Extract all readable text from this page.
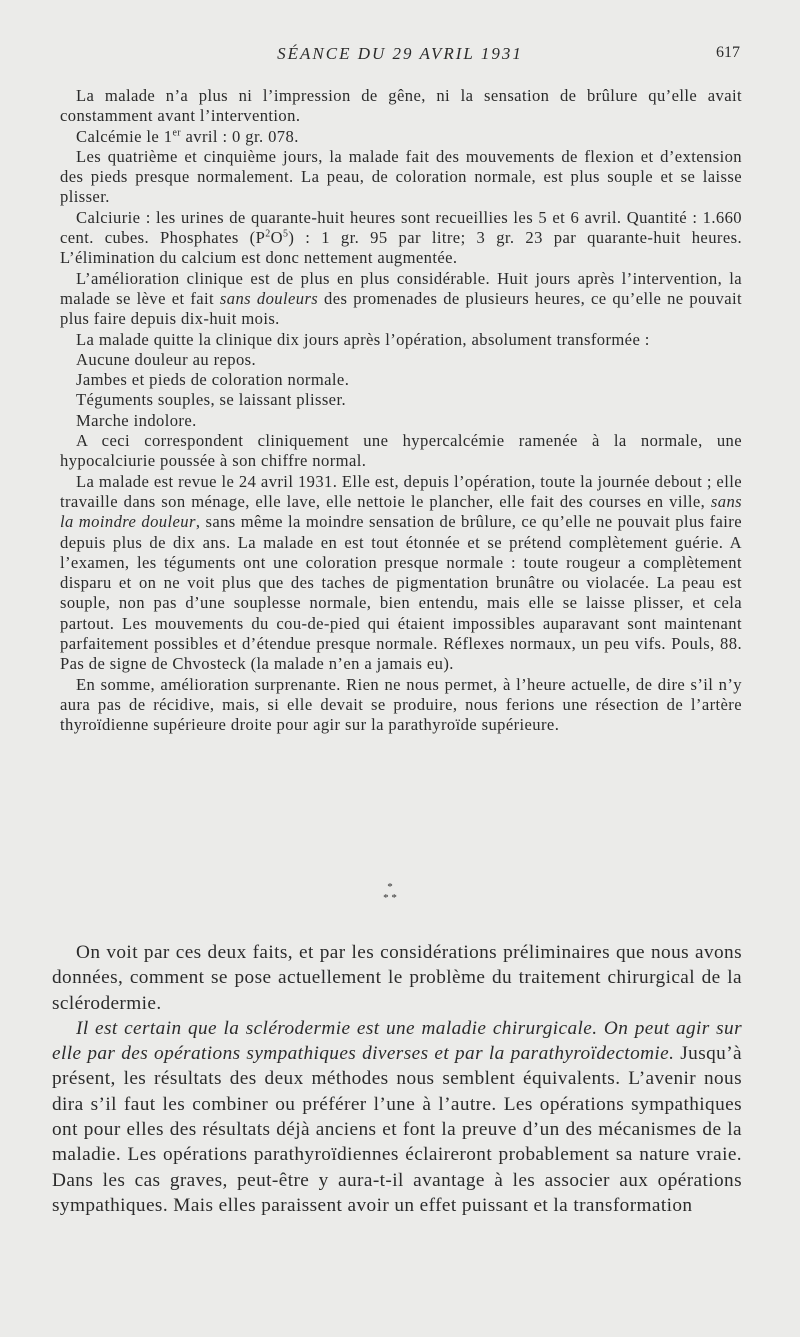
SÉANCE DU 29 AVRIL 1931	617

La malade n’a plus ni l’impression de gêne, ni la sensation de brûlure qu’elle avait constamment avant l’intervention.

Calcémie le 1er avril : 0 gr. 078.

Les quatrième et cinquième jours, la malade fait des mouvements de flexion et d’extension des pieds presque normalement. La peau, de coloration normale, est plus souple et se laisse plisser.

Calciurie : les urines de quarante-huit heures sont recueillies les 5 et 6 avril. Quantité : 1.660 cent. cubes. Phosphates $(P^2O^5)$ : 1 gr. 95 par litre; 3 gr. 23 par quarante-huit heures. L’élimination du calcium est donc nettement augmentée.

L’amélioration clinique est de plus en plus considérable. Huit jours après l’intervention, la malade se lève et fait sans douleurs des promenades de plusieurs heures, ce qu’elle ne pouvait plus faire depuis dix-huit mois.

La malade quitte la clinique dix jours après l’opération, absolument transformée :

Aucune douleur au repos.

Jambes et pieds de coloration normale.

Téguments souples, se laissant plisser.

Marche indolore.

A ceci correspondent cliniquement une hypercalcémie ramenée à la normale, une hypocalciurie poussée à son chiffre normal.

La malade est revue le 24 avril 1931. Elle est, depuis l’opération, toute la journée debout ; elle travaille dans son ménage, elle lave, elle nettoie le plancher, elle fait des courses en ville, sans la moindre douleur, sans même la moindre sensation de brûlure, ce qu’elle ne pouvait plus faire depuis plus de dix ans. La malade en est tout étonnée et se prétend complètement guérie. A l’examen, les téguments ont une coloration presque normale : toute rougeur a complètement disparu et on ne voit plus que des taches de pigmentation brunâtre ou violacée. La peau est souple, non pas d’une souplesse normale, bien entendu, mais elle se laisse plisser, et cela partout. Les mouvements du cou-de-pied qui étaient impossibles auparavant sont maintenant parfaitement possibles et d’étendue presque normale. Réflexes normaux, un peu vifs. Pouls, 88. Pas de signe de Chvosteck (la malade n’en a jamais eu).

En somme, amélioration surprenante. Rien ne nous permet, à l’heure actuelle, de dire s’il n’y aura pas de récidive, mais, si elle devait se produire, nous ferions une résection de l’artère thyroïdienne supérieure droite pour agir sur la parathyroïde supérieure.

*
* *

On voit par ces deux faits, et par les considérations préliminaires que nous avons données, comment se pose actuellement le problème du traitement chirurgical de la sclérodermie.

Il est certain que la sclérodermie est une maladie chirurgicale. On peut agir sur elle par des opérations sympathiques diverses et par la parathyroïdectomie. Jusqu’à présent, les résultats des deux méthodes nous semblent équivalents. L’avenir nous dira s’il faut les combiner ou préférer l’une à l’autre. Les opérations sympathiques ont pour elles des résultats déjà anciens et font la preuve d’un des mécanismes de la maladie. Les opérations parathyroïdiennes éclaireront probablement sa nature vraie. Dans les cas graves, peut-être y aura-t-il avantage à les associer aux opérations sympathiques. Mais elles paraissent avoir un effet puissant et la transformation
